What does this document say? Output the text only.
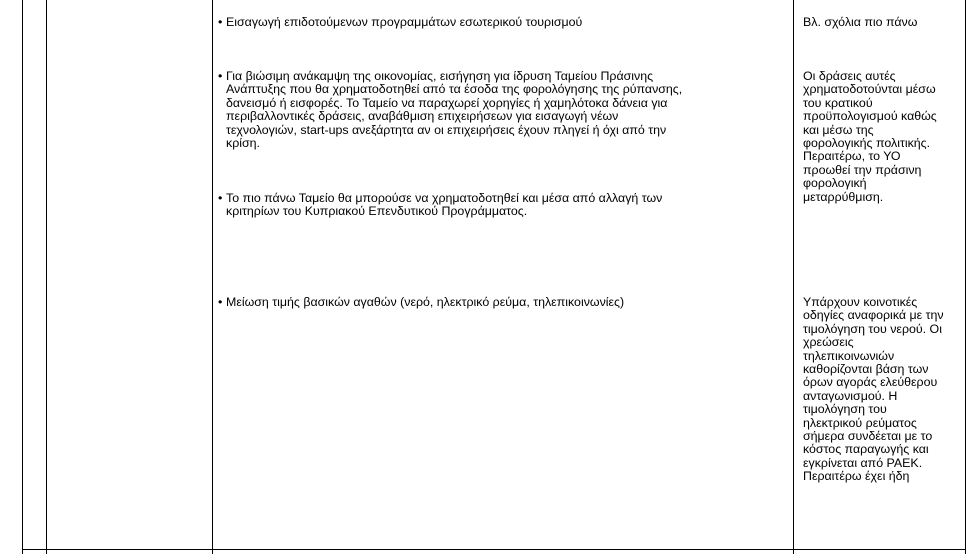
• Εισαγωγή επιδοτούμενων προγραμμάτων εσωτερικού τουρισμού	Βλ. σχόλια πιο πάνω
• Για βιώσιμη ανάκαμψη της οικονομίας, εισήγηση για ίδρυση Ταμείου Πράσινης
Ανάπτυξης που θα χρηματοδοτηθεί από τα έσοδα της φορολόγησης της ρύπανσης,
δανεισμό ή εισφορές. Το Ταμείο να παραχωρεί χορηγίες ή χαμηλότοκα δάνεια για
περιβαλλοντικές δράσεις, αναβάθμιση επιχειρήσεων για εισαγωγή νέων
τεχνολογιών, start-ups ανεξάρτητα αν οι επιχειρήσεις έχουν πληγεί ή όχι από την
κρίση.
• Το πιο πάνω Ταμείο θα μπορούσε να χρηματοδοτηθεί και μέσα από αλλαγή των
κριτηρίων του Κυπριακού Επενδυτικού Προγράμματος.
Οι δράσεις αυτές
χρηματοδοτούνται μέσω
του κρατικού
προϋπολογισμού καθώς
και μέσω της
φορολογικής πολιτικής.
Περαιτέρω, το ΥΟ
προωθεί την πράσινη
φορολογική
μεταρρύθμιση.
• Μείωση τιμής βασικών αγαθών (νερό, ηλεκτρικό ρεύμα, τηλεπικοινωνίες)	Υπάρχουν κοινοτικές
οδηγίες αναφορικά με την
τιμολόγηση του νερού. Οι
χρεώσεις
τηλεπικοινωνιών
καθορίζονται βάση των
όρων αγοράς ελεύθερου
ανταγωνισμού. Η
τιμολόγηση του
ηλεκτρικού ρεύματος
σήμερα συνδέεται με το
κόστος παραγωγής και
εγκρίνεται από ΡΑΕΚ.
Περαιτέρω έχει ήδη
